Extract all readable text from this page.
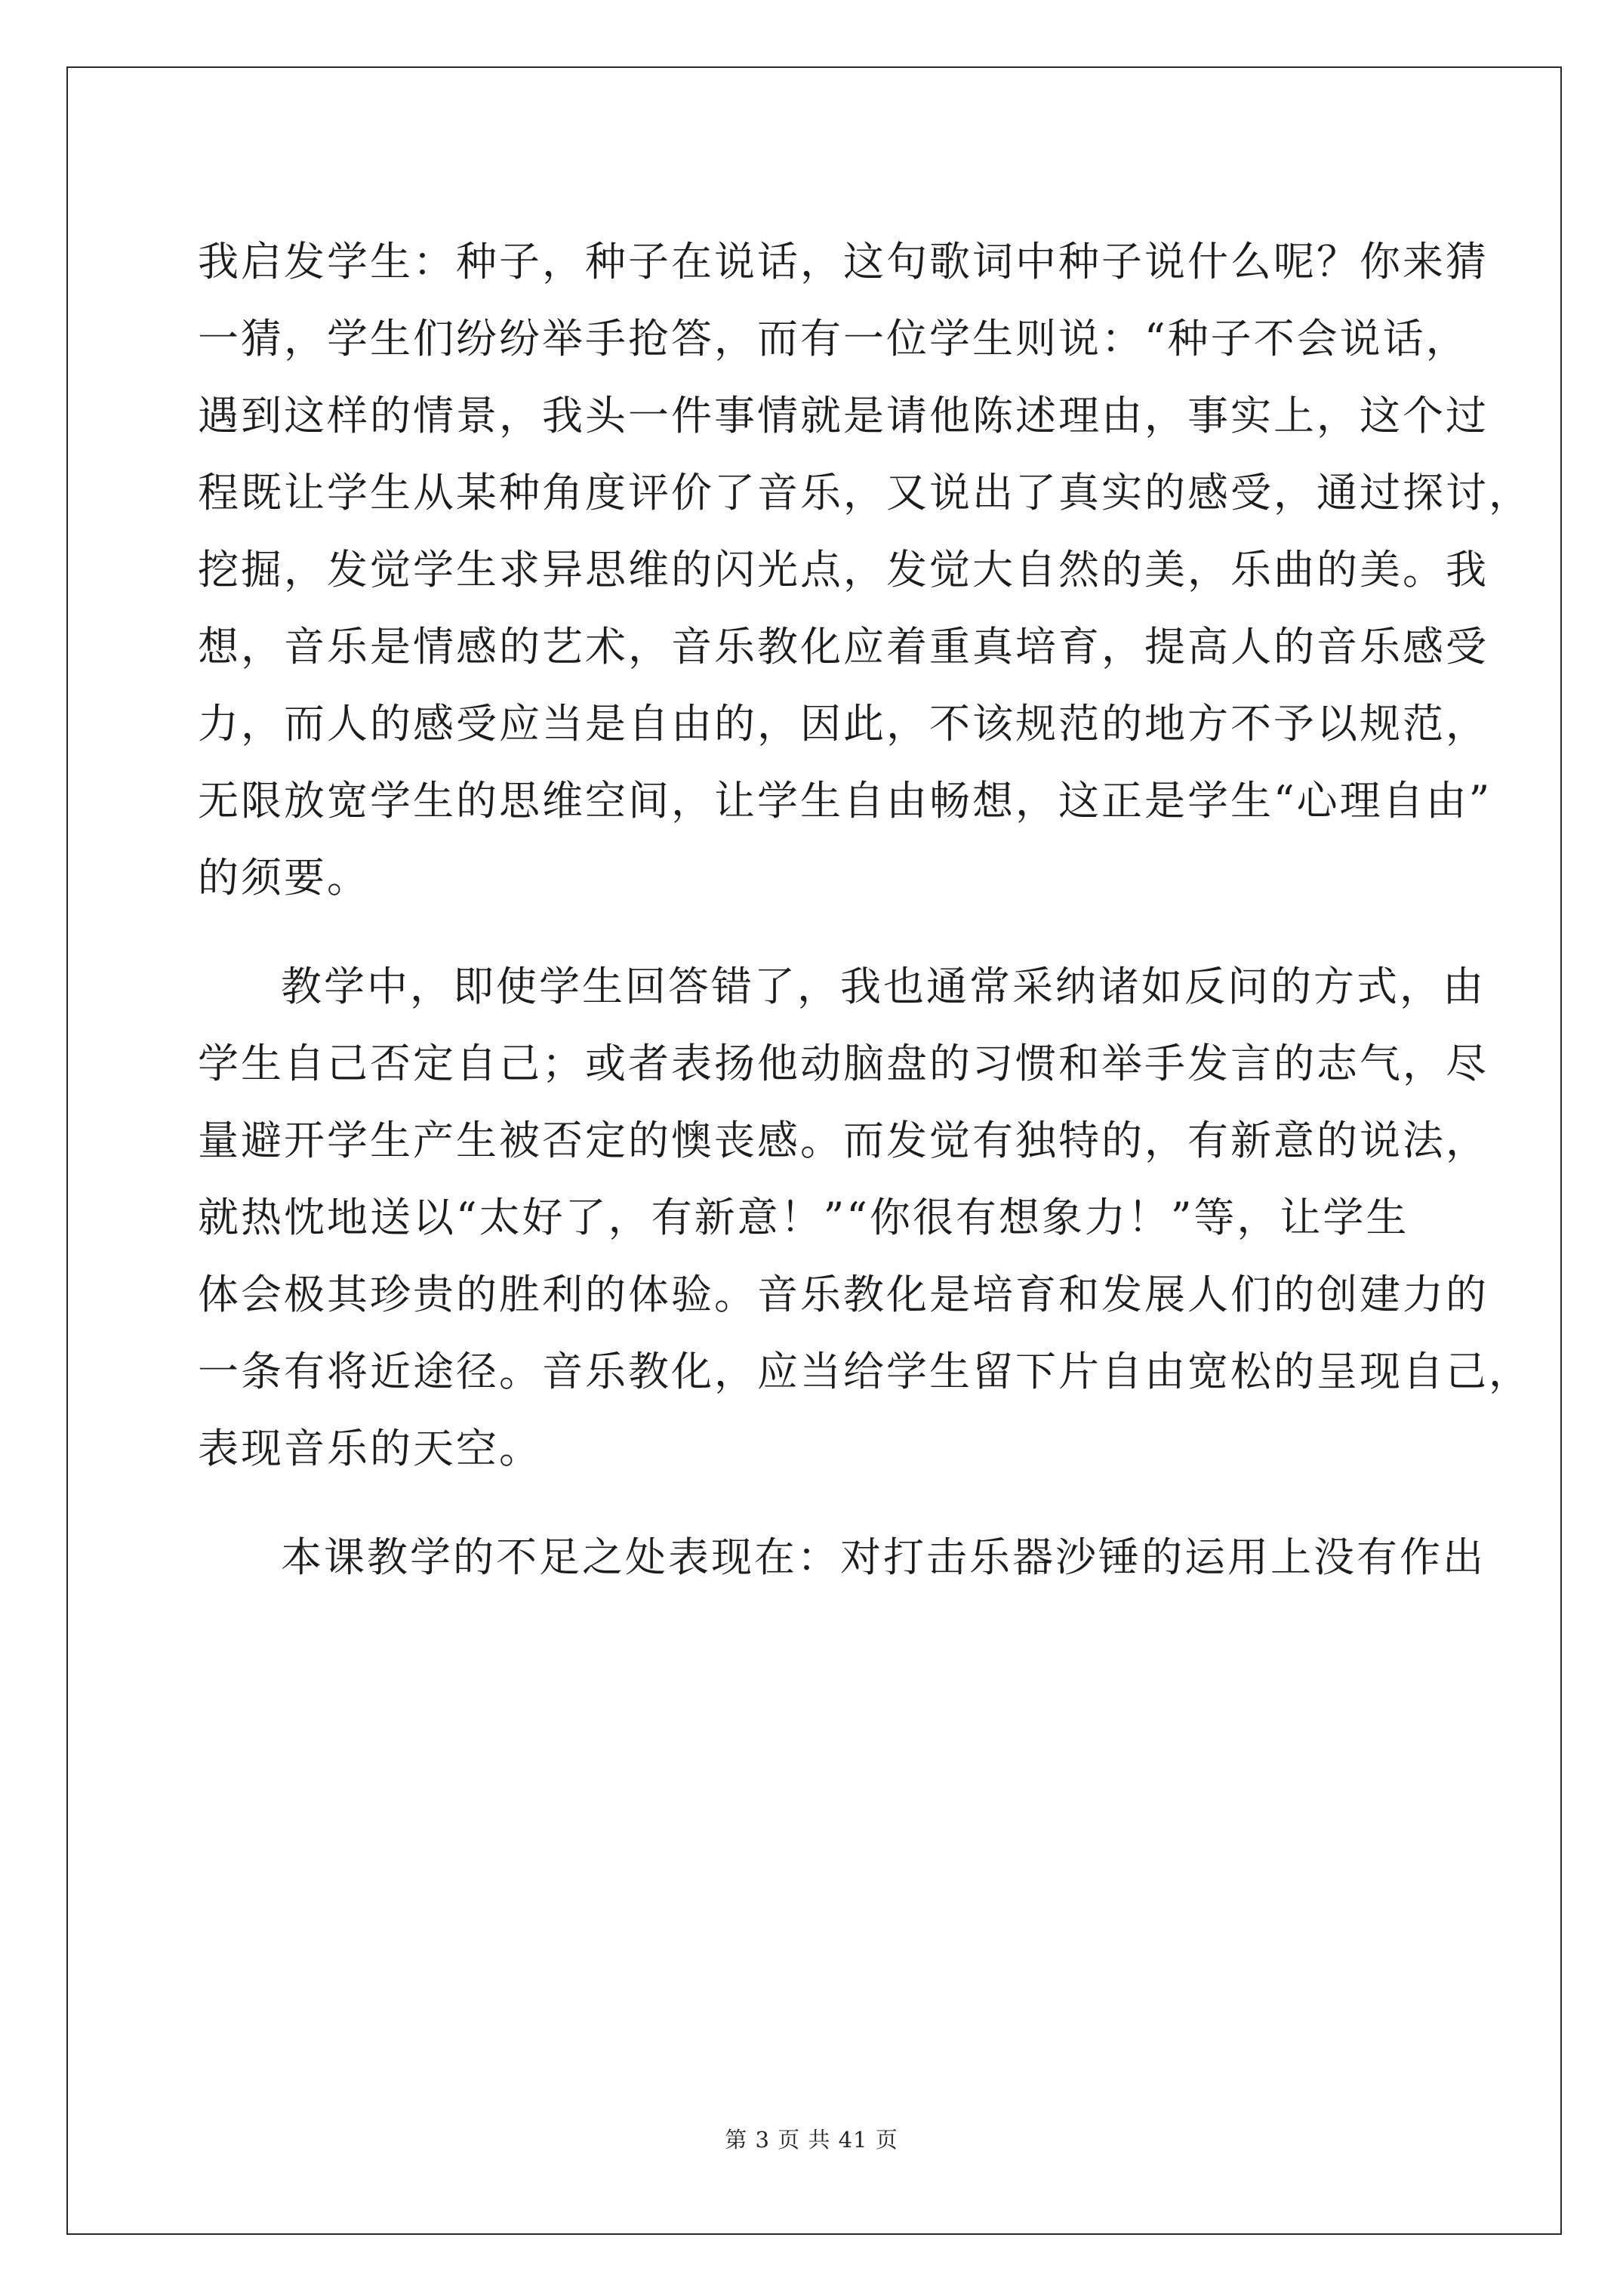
我启发学生：种子，种子在说话，这句歌词中种子说什么呢？你来猜
一猜，学生们纷纷举手抢答，而有一位学生则说：“种子不会说话，
遇到这样的情景，我头一件事情就是请他陈述理由，事实上，这个过
程既让学生从某种角度评价了音乐，又说出了真实的感受，通过探讨，
挖掘，发觉学生求异思维的闪光点，发觉大自然的美，乐曲的美。我
想，音乐是情感的艺术，音乐教化应着重真培育，提高人的音乐感受
力，而人的感受应当是自由的，因此，不该规范的地方不予以规范，
无限放宽学生的思维空间，让学生自由畅想，这正是学生“心理自由”
的须要。
教学中，即使学生回答错了，我也通常采纳诸如反问的方式，由
学生自己否定自己；或者表扬他动脑盘的习惯和举手发言的志气，尽
量避开学生产生被否定的懊丧感。而发觉有独特的，有新意的说法，
就热忱地送以“太好了，有新意！”“你很有想象力！”等，让学生
体会极其珍贵的胜利的体验。音乐教化是培育和发展人们的创建力的
一条有将近途径。音乐教化，应当给学生留下片自由宽松的呈现自己，
表现音乐的天空。
本课教学的不足之处表现在：对打击乐器沙锤的运用上没有作出
第 3 页 共 41 页
